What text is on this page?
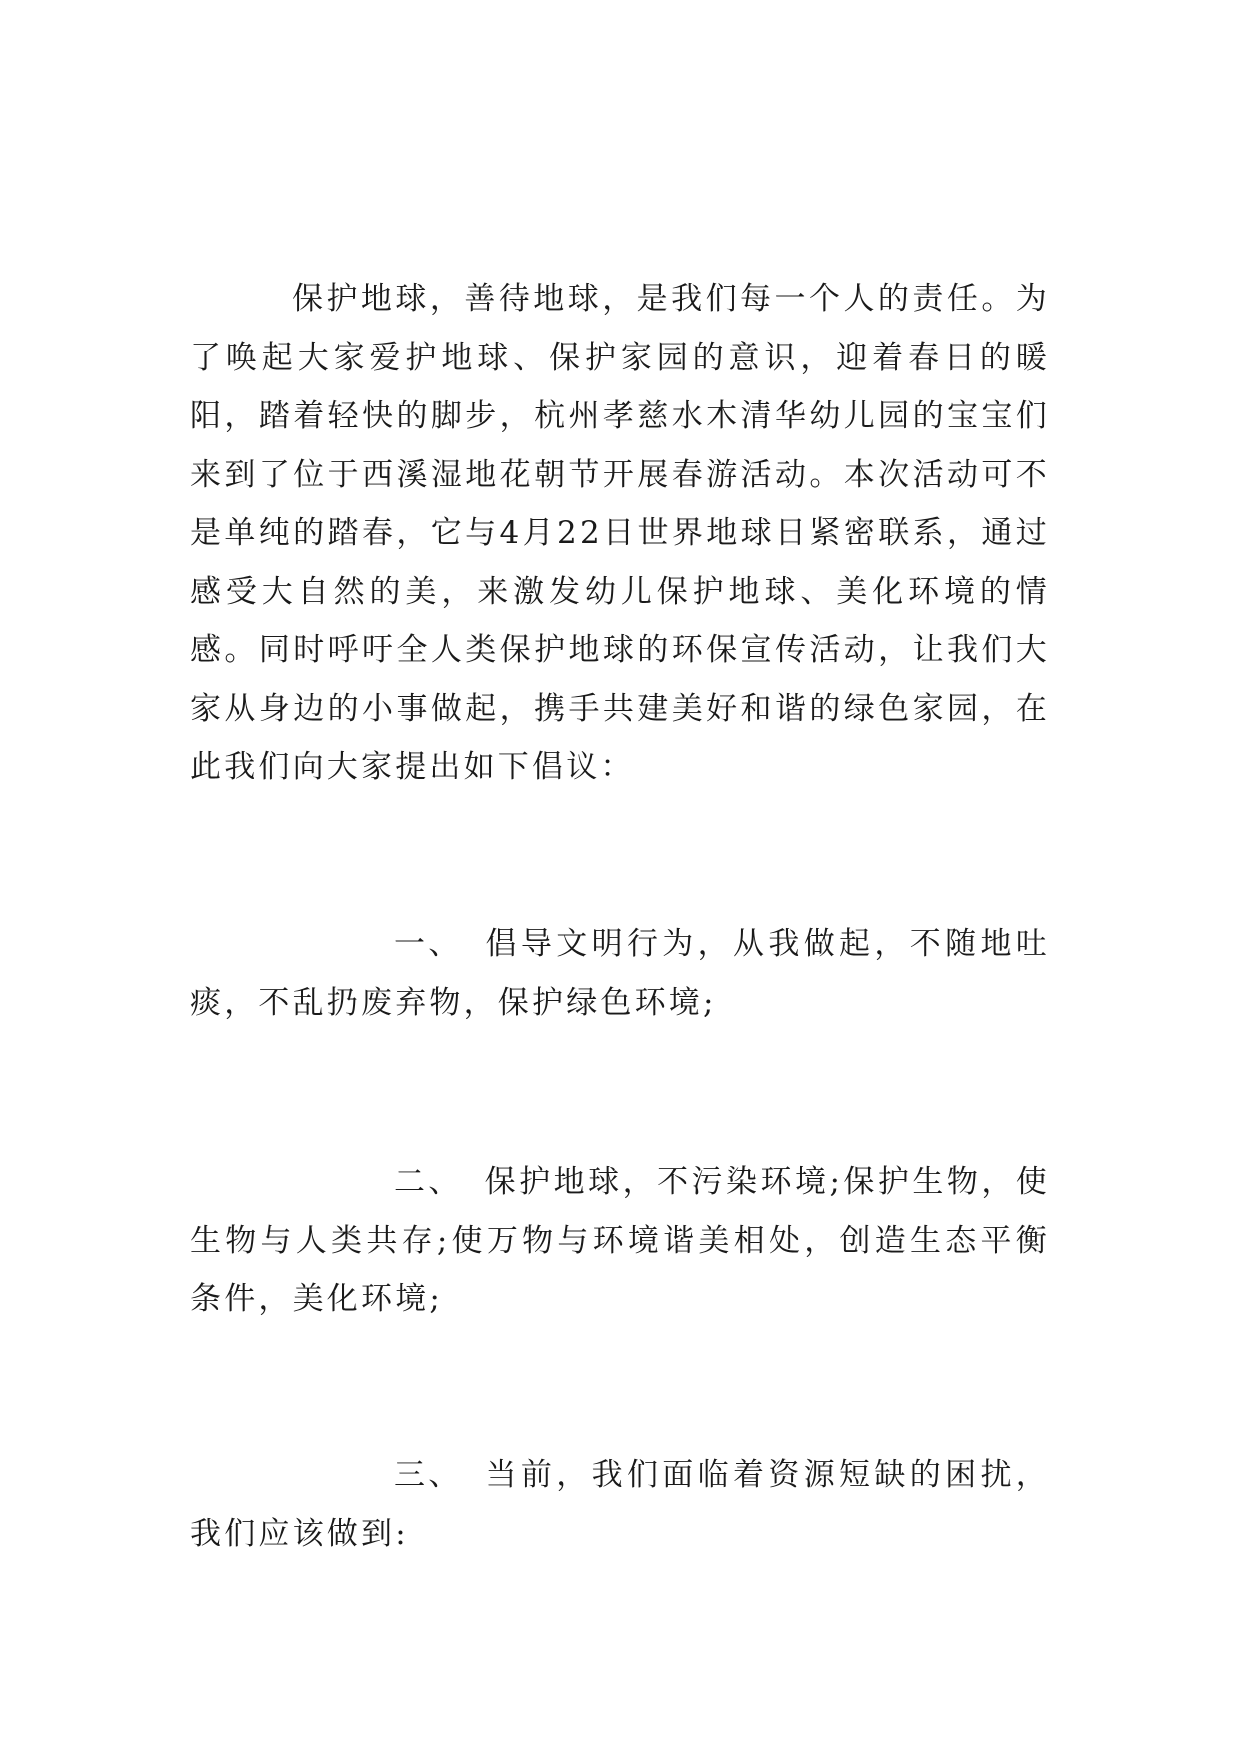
保护地球，善待地球，是我们每一个人的责任。为了唤起大家爱护地球、保护家园的意识，迎着春日的暖阳，踏着轻快的脚步，杭州孝慈水木清华幼儿园的宝宝们来到了位于西溪湿地花朝节开展春游活动。本次活动可不是单纯的踏春，它与4月22日世界地球日紧密联系，通过感受大自然的美，来激发幼儿保护地球、美化环境的情感。同时呼吁全人类保护地球的环保宣传活动，让我们大家从身边的小事做起，携手共建美好和谐的绿色家园，在此我们向大家提出如下倡议：

一、 倡导文明行为，从我做起，不随地吐痰，不乱扔废弃物，保护绿色环境;

二、 保护地球，不污染环境;保护生物，使生物与人类共存;使万物与环境谐美相处，创造生态平衡条件，美化环境;

三、 当前，我们面临着资源短缺的困扰，我们应该做到:
